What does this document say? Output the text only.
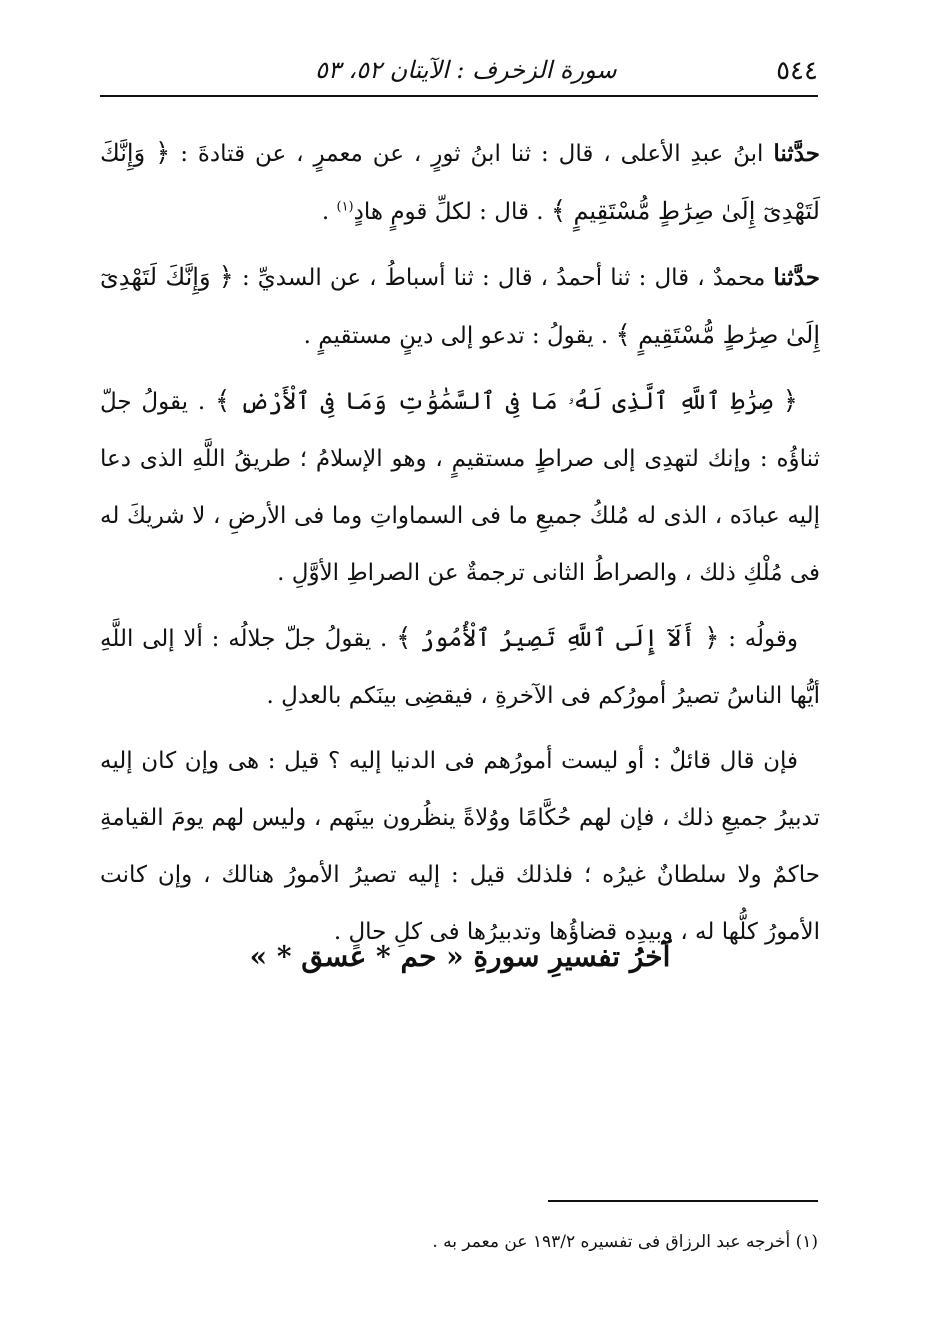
٥٤٤
سورة الزخرف : الآيتان ٥٢، ٥٣

حدَّثنا ابنُ عبدِ الأعلى ، قال : ثنا ابنُ ثورٍ ، عن معمرٍ ، عن قتادةَ : ﴿ وَإِنَّكَ لَتَهْدِىٓ إِلَىٰ صِرَٰطٍ مُّسْتَقِيمٍ ﴾ . قال : لكلِّ قومٍ هادٍ$^{(١)}$ .

حدَّثنا محمدٌ ، قال : ثنا أحمدُ ، قال : ثنا أسباطُ ، عن السديِّ : ﴿ وَإِنَّكَ لَتَهْدِىٓ إِلَىٰ صِرَٰطٍ مُّسْتَقِيمٍ ﴾ . يقولُ : تدعو إلى دينٍ مستقيمٍ .

﴿ صِرَٰطِ ٱللَّهِ ٱلَّذِى لَهُۥ مَا فِى ٱلسَّمَٰوَٰتِ وَمَا فِى ٱلْأَرْضِ ﴾ . يقولُ جلّ ثناؤُه : وإنك لتهدِى إلى صراطٍ مستقيمٍ ، وهو الإسلامُ ؛ طريقُ اللَّهِ الذى دعا إليه عبادَه ، الذى له مُلكُ جميعِ ما فى السماواتِ وما فى الأرضِ ، لا شريكَ له فى مُلْكِ ذلك ، والصراطُ الثانى ترجمةٌ عن الصراطِ الأوَّلِ .

وقولُه : ﴿ أَلَآ إِلَى ٱللَّهِ تَصِيرُ ٱلْأُمُورُ ﴾ . يقولُ جلّ جلالُه : ألا إلى اللَّهِ أيُّها الناسُ تصيرُ أمورُكم فى الآخرةِ ، فيقضِى بينَكم بالعدلِ .

فإن قال قائلٌ : أو ليست أمورُهم فى الدنيا إليه ؟ قيل : هى وإن كان إليه تدبيرُ جميعِ ذلك ، فإن لهم حُكَّامًا ووُلاةً ينظُرون بينَهم ، وليس لهم يومَ القيامةِ حاكمٌ ولا سلطانٌ غيرُه ؛ فلذلك قيل : إليه تصيرُ الأمورُ هنالك ، وإن كانت الأمورُ كلُّها له ، وبيدِه قضاؤُها وتدبيرُها فى كلِ حالٍ .

آخرُ تفسيرِ سورةِ « حم * عسق * »
(١) أخرجه عبد الرزاق فى تفسيره ١٩٣/٢ عن معمر به .
